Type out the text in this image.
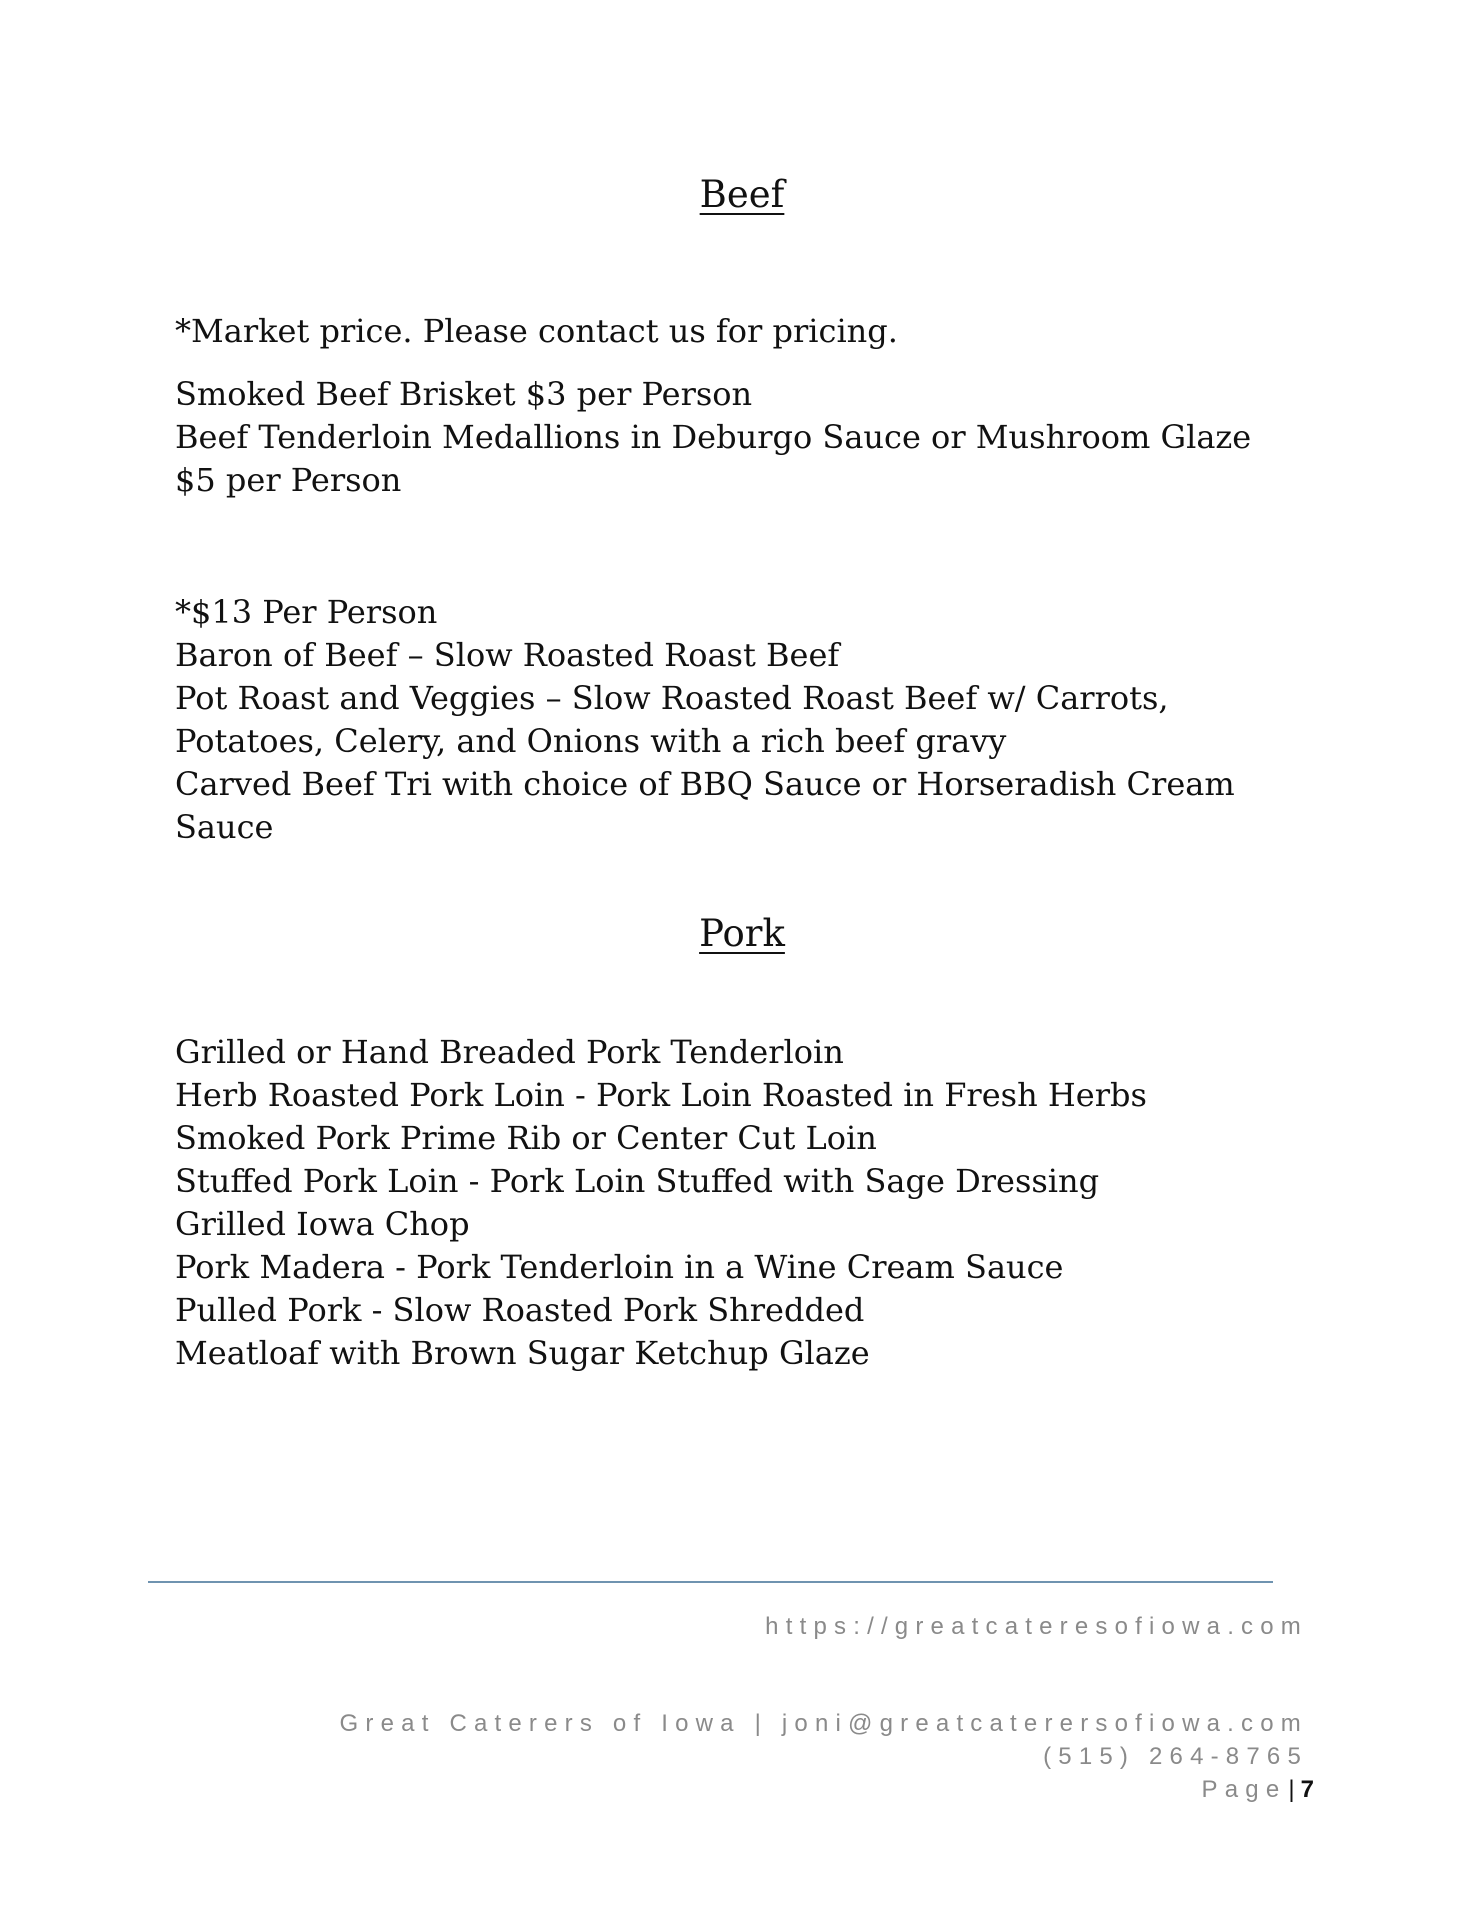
Beef

*Market price. Please contact us for pricing.

Smoked Beef Brisket $3 per Person
Beef Tenderloin Medallions in Deburgo Sauce or Mushroom Glaze
$5 per Person

*$13 Per Person
Baron of Beef – Slow Roasted Roast Beef
Pot Roast and Veggies – Slow Roasted Roast Beef w/ Carrots,
Potatoes, Celery, and Onions with a rich beef gravy
Carved Beef Tri with choice of BBQ Sauce or Horseradish Cream
Sauce

Pork

Grilled or Hand Breaded Pork Tenderloin
Herb Roasted Pork Loin - Pork Loin Roasted in Fresh Herbs
Smoked Pork Prime Rib or Center Cut Loin
Stuffed Pork Loin - Pork Loin Stuffed with Sage Dressing
Grilled Iowa Chop
Pork Madera - Pork Tenderloin in a Wine Cream Sauce
Pulled Pork - Slow Roasted Pork Shredded
Meatloaf with Brown Sugar Ketchup Glaze

https://greatcateresofiowa.com
Great Caterers of Iowa | joni@greatcaterersofiowa.com
(515) 264-8765
Page| 7
